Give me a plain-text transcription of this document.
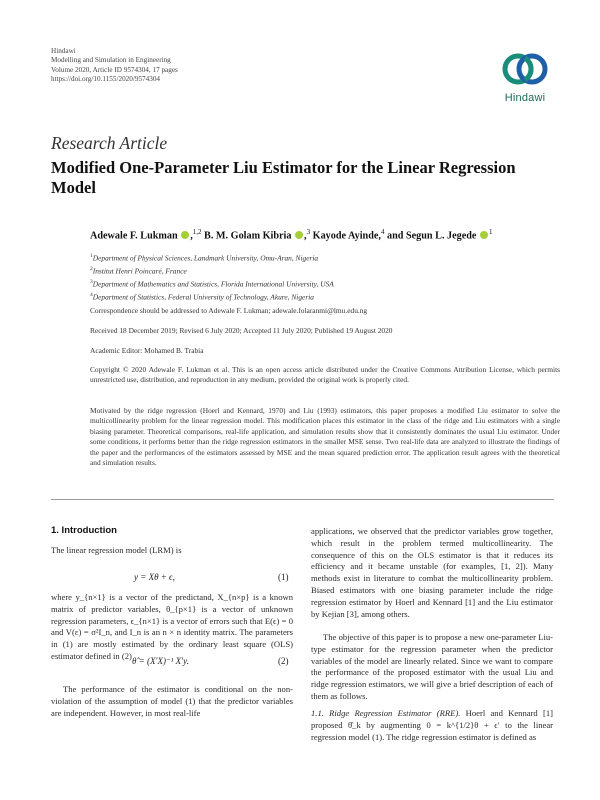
Hindawi
Modelling and Simulation in Engineering
Volume 2020, Article ID 9574304, 17 pages
https://doi.org/10.1155/2020/9574304
Hindawi
Research Article
Modified One-Parameter Liu Estimator for the Linear Regression Model
Adewale F. Lukman ,$^{1,2}$ B. M. Golam Kibria ,$^3$ Kayode Ayinde,$^4$ and Segun L. Jegede $^1$
$^1$Department of Physical Sciences, Landmark University, Omu-Aran, Nigeria
$^2$Institut Henri Poincaré, France
$^3$Department of Mathematics and Statistics, Florida International University, USA
$^4$Department of Statistics, Federal University of Technology, Akure, Nigeria
Correspondence should be addressed to Adewale F. Lukman; adewale.folaranmi@lmu.edu.ng
Received 18 December 2019; Revised 6 July 2020; Accepted 11 July 2020; Published 19 August 2020
Academic Editor: Mohamed B. Trabia
Copyright © 2020 Adewale F. Lukman et al. This is an open access article distributed under the Creative Commons Attribution License, which permits unrestricted use, distribution, and reproduction in any medium, provided the original work is properly cited.
Motivated by the ridge regression (Hoerl and Kennard, 1970) and Liu (1993) estimators, this paper proposes a modified Liu estimator to solve the multicollinearity problem for the linear regression model. This modification places this estimator in the class of the ridge and Liu estimators with a single biasing parameter. Theoretical comparisons, real-life application, and simulation results show that it consistently dominates the usual Liu estimator. Under some conditions, it performs better than the ridge regression estimators in the smaller MSE sense. Two real-life data are analyzed to illustrate the findings of the paper and the performances of the estimators assessed by MSE and the mean squared prediction error. The application result agrees with the theoretical and simulation results.
1. Introduction
The linear regression model (LRM) is
y = Xθ + ϵ,	(1)
where y_{n×1} is a vector of the predictand, X_{n×p} is a known matrix of predictor variables, θ_{p×1} is a vector of unknown regression parameters, ϵ_{n×1} is a vector of errors such that E(ϵ) = 0 and V(ε) = σ²I_n, and I_n is an n × n identity matrix. The parameters in (1) are mostly estimated by the ordinary least square (OLS) estimator defined in (2)
θ̂ = (X′X)⁻¹ X′y.	(2)
The performance of the estimator is conditional on the non-violation of the assumption of model (1) that the predictor variables are independent. However, in most real-life
applications, we observed that the predictor variables grow together, which result in the problem termed multicollinearity. The consequence of this on the OLS estimator is that it reduces its efficiency and it became unstable (for examples, [1, 2]). Many methods exist in literature to combat the multicollinearity problem. Biased estimators with one biasing parameter include the ridge regression estimator by Hoerl and Kennard [1] and the Liu estimator by Kejian [3], among others.
The objective of this paper is to propose a new one-parameter Liu-type estimator for the regression parameter when the predictor variables of the model are linearly related. Since we want to compare the performance of the proposed estimator with the usual Liu and ridge regression estimators, we will give a brief description of each of them as follows.
1.1. Ridge Regression Estimator (RRE). Hoerl and Kennard [1] proposed θ̂_k by augmenting 0 = k^{1/2}θ + ϵ′ to the linear regression model (1). The ridge regression estimator is defined as
